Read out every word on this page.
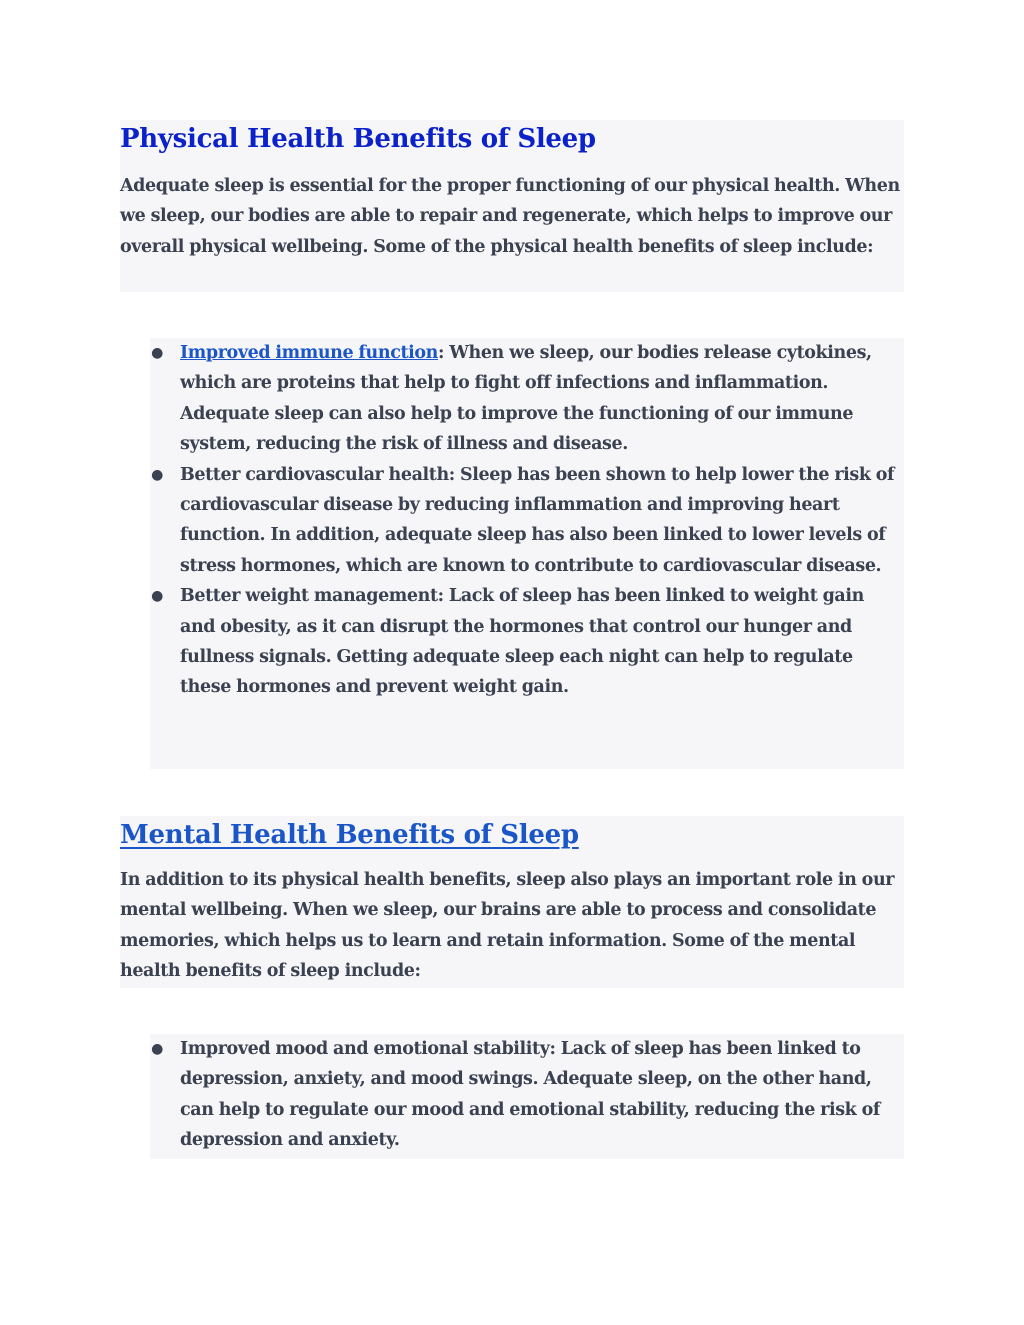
Physical Health Benefits of Sleep

Adequate sleep is essential for the proper functioning of our physical health. When we sleep, our bodies are able to repair and regenerate, which helps to improve our overall physical wellbeing. Some of the physical health benefits of sleep include:

● Improved immune function: When we sleep, our bodies release cytokines, which are proteins that help to fight off infections and inflammation. Adequate sleep can also help to improve the functioning of our immune system, reducing the risk of illness and disease.
● Better cardiovascular health: Sleep has been shown to help lower the risk of cardiovascular disease by reducing inflammation and improving heart function. In addition, adequate sleep has also been linked to lower levels of stress hormones, which are known to contribute to cardiovascular disease.
● Better weight management: Lack of sleep has been linked to weight gain and obesity, as it can disrupt the hormones that control our hunger and fullness signals. Getting adequate sleep each night can help to regulate these hormones and prevent weight gain.
Mental Health Benefits of Sleep

In addition to its physical health benefits, sleep also plays an important role in our mental wellbeing. When we sleep, our brains are able to process and consolidate memories, which helps us to learn and retain information. Some of the mental health benefits of sleep include:

● Improved mood and emotional stability: Lack of sleep has been linked to depression, anxiety, and mood swings. Adequate sleep, on the other hand, can help to regulate our mood and emotional stability, reducing the risk of depression and anxiety.
